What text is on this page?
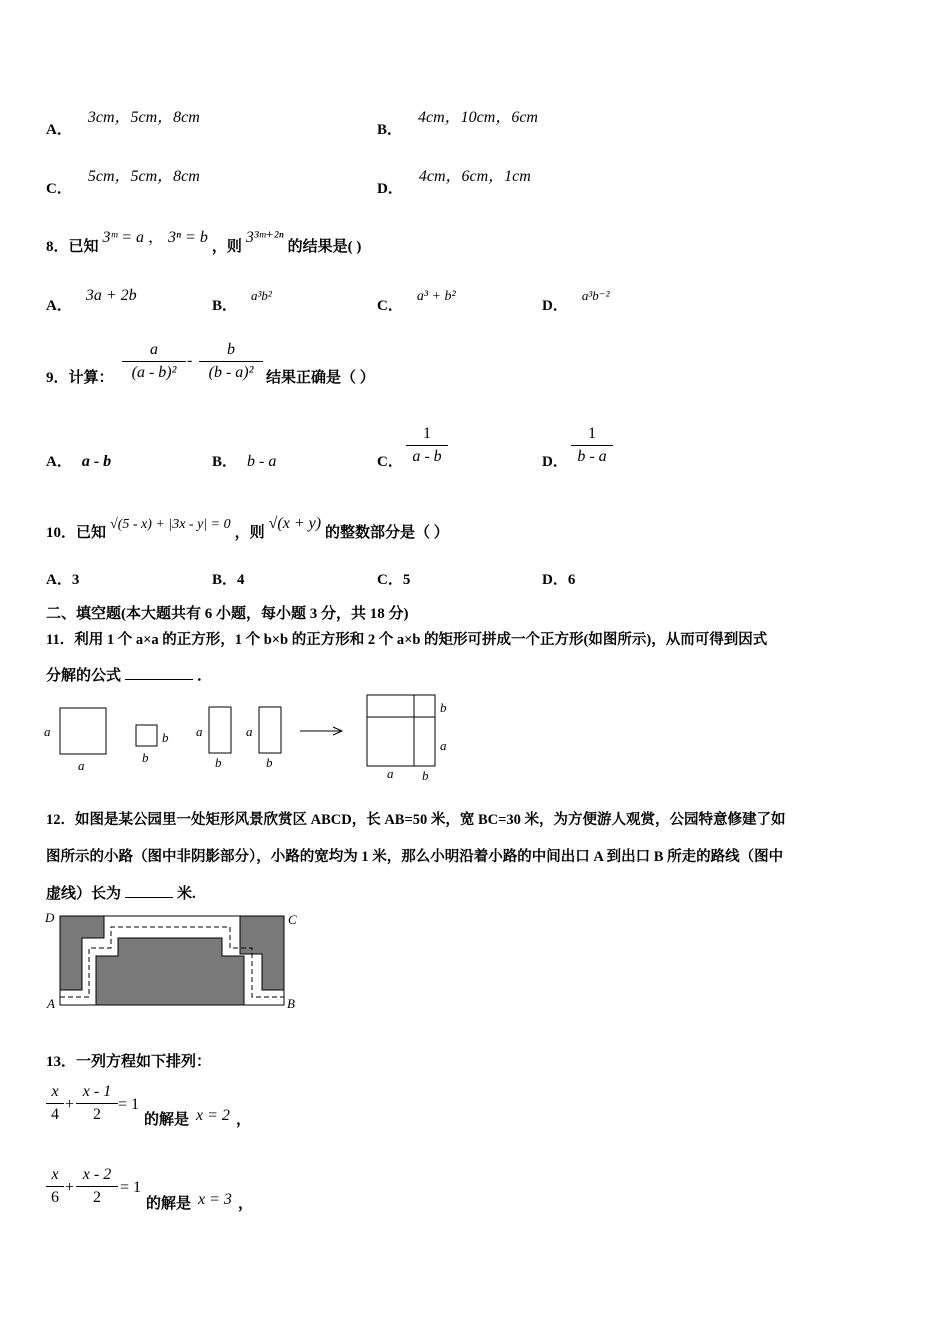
A． 3cm，5cm，8cm
B． 4cm，10cm，6cm
C． 5cm，5cm，8cm
D． 4cm，6cm，1cm
8．已知 3ᵐ = a ， 3ⁿ = b ，则 3³ᵐ⁺²ⁿ 的结果是( )
A． 3a + 2b
B． a³b²
C． a³ + b²
D． a³b⁻²
9．计算： $\frac{a}{\text{(a - b)²}} - \frac{b}{\text{(b - a)²}}$ 结果正确是（ ）
A． a - b	B． b - a	C． $\frac{1}{a - b}$	D． $\frac{1}{b - a}$
10．已知 √(5 - x) + |3x - y| = 0 ，则 √(x + y) 的整数部分是（ ）
A．3	B．4	C．5	D．6
二、填空题(本大题共有 6 小题，每小题 3 分，共 18 分)
11．利用 1 个 a×a 的正方形，1 个 b×b 的正方形和 2 个 a×b 的矩形可拼成一个正方形(如图所示)，从而可得到因式
分解的公式	．
a
a
b
b
a
b
a
b
b
a
a b
12．如图是某公园里一处矩形风景欣赏区 ABCD，长 AB=50 米，宽 BC=30 米，为方便游人观赏，公园特意修建了如
图所示的小路（图中非阴影部分），小路的宽均为 1 米，那么小明沿着小路的中间出口 A 到出口 B 所走的路线（图中
虚线）长为	米.
D	C
A	B
13．一列方程如下排列：
$\frac{x}{4} + \frac{x - 1}{2} = 1$
的解是 x = 2 ，
$\frac{x}{6} + \frac{x - 2}{2} = 1$
的解是 x = 3 ，
